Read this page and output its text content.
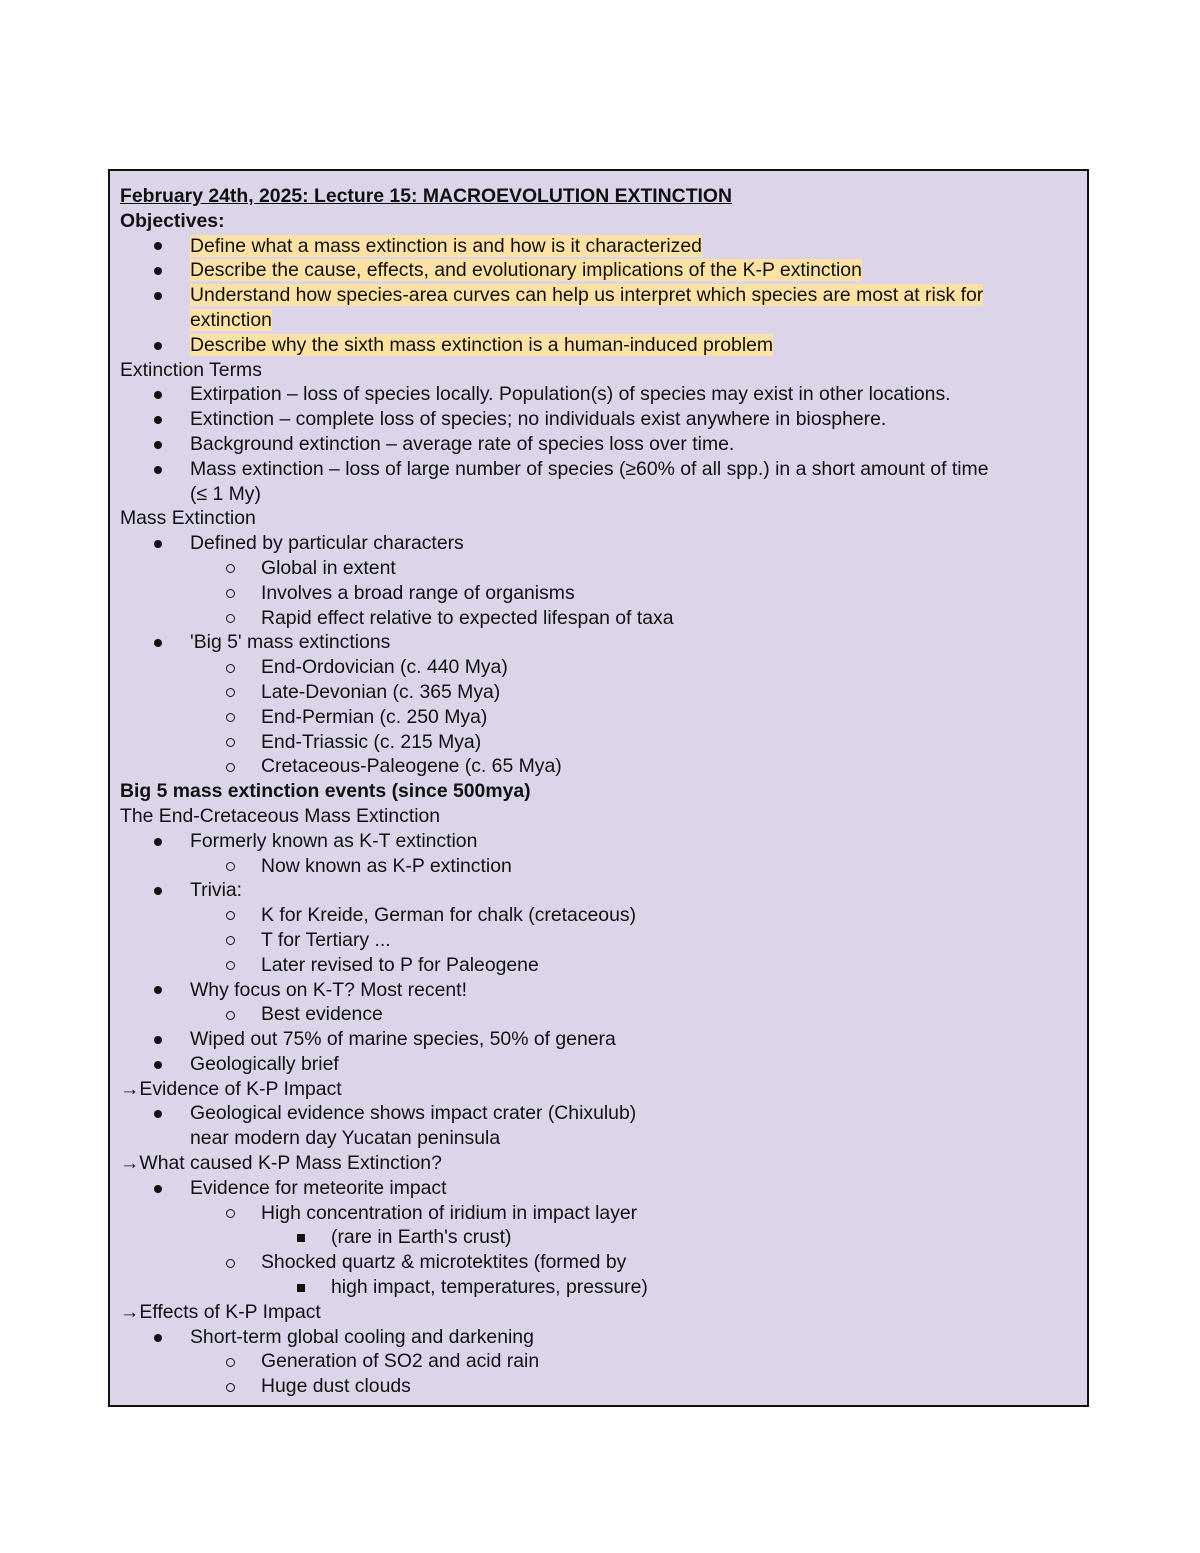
February 24th, 2025: Lecture 15: MACROEVOLUTION EXTINCTION
Objectives:
Define what a mass extinction is and how is it characterized
Describe the cause, effects, and evolutionary implications of the K-P extinction
Understand how species-area curves can help us interpret which species are most at risk for
extinction
Describe why the sixth mass extinction is a human-induced problem
Extinction Terms
Extirpation – loss of species locally. Population(s) of species may exist in other locations.
Extinction – complete loss of species; no individuals exist anywhere in biosphere.
Background extinction – average rate of species loss over time.
Mass extinction – loss of large number of species (≥60% of all spp.) in a short amount of time
(≤ 1 My)
Mass Extinction
Defined by particular characters
Global in extent
Involves a broad range of organisms
Rapid effect relative to expected lifespan of taxa
'Big 5' mass extinctions
End-Ordovician (c. 440 Mya)
Late-Devonian (c. 365 Mya)
End-Permian (c. 250 Mya)
End-Triassic (c. 215 Mya)
Cretaceous-Paleogene (c. 65 Mya)
Big 5 mass extinction events (since 500mya)
The End-Cretaceous Mass Extinction
Formerly known as K-T extinction
Now known as K-P extinction
Trivia:
K for Kreide, German for chalk (cretaceous)
T for Tertiary ...
Later revised to P for Paleogene
Why focus on K-T? Most recent!
Best evidence
Wiped out 75% of marine species, 50% of genera
Geologically brief
→Evidence of K-P Impact
Geological evidence shows impact crater (Chixulub)
near modern day Yucatan peninsula
→What caused K-P Mass Extinction?
Evidence for meteorite impact
High concentration of iridium in impact layer
(rare in Earth's crust)
Shocked quartz & microtektites (formed by
high impact, temperatures, pressure)
→Effects of K-P Impact
Short-term global cooling and darkening
Generation of SO2 and acid rain
Huge dust clouds
